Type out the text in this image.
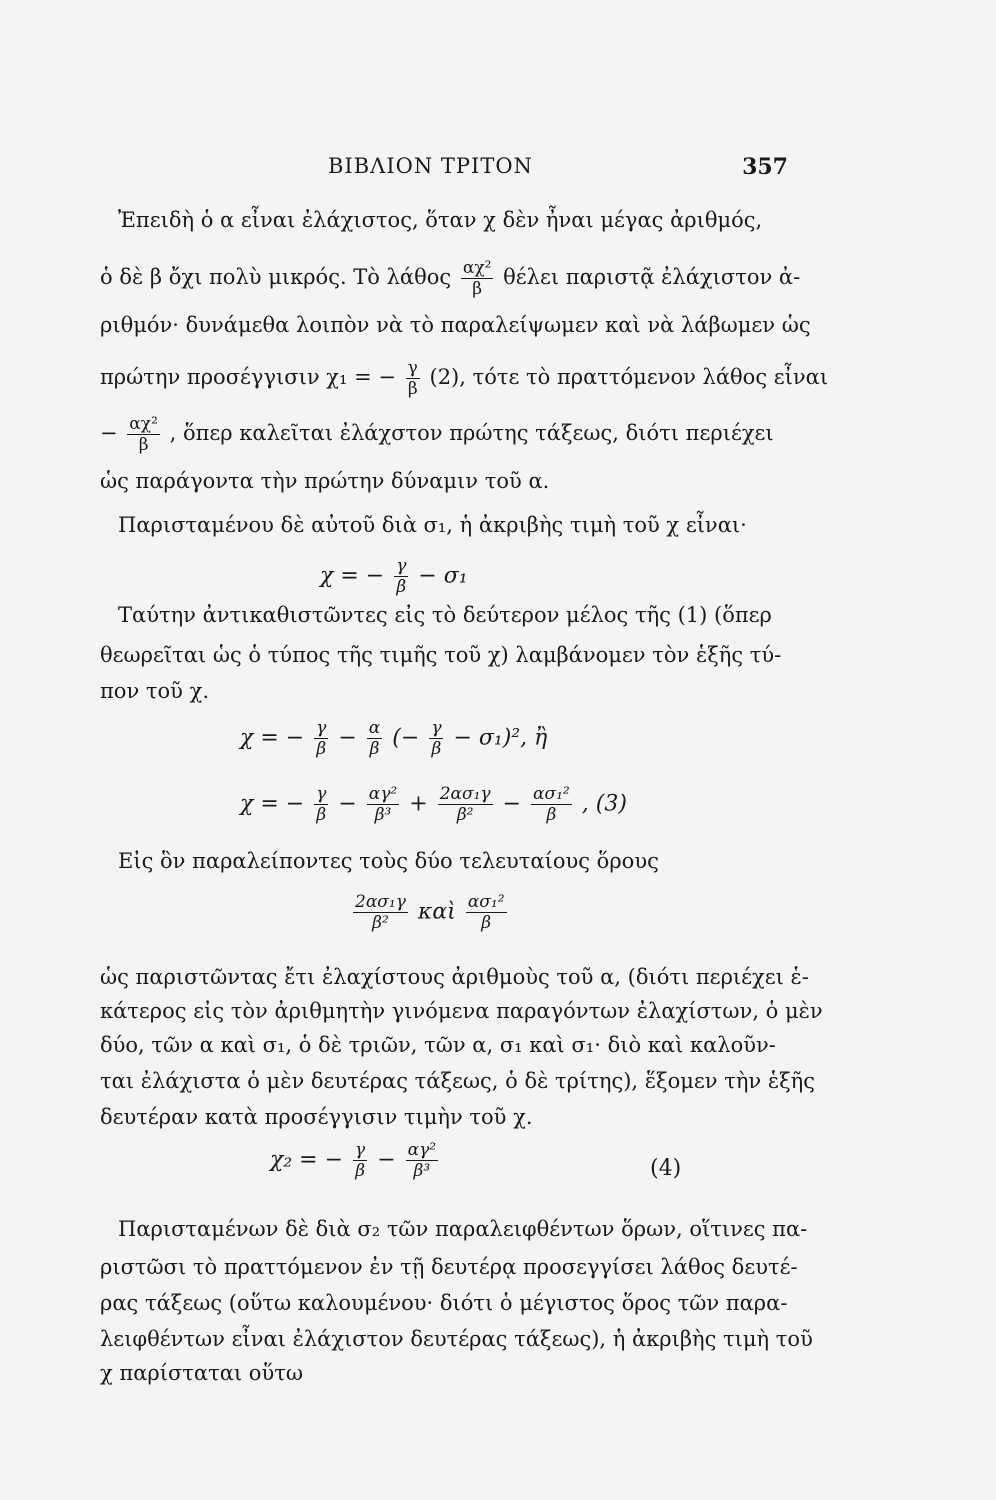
ΒΙΒΛΙΟΝ ΤΡΙΤΟΝ	357
Ἐπειδὴ ὁ α εἶναι ἐλάχιστος, ὅταν χ δὲν ἦναι μέγας ἀριθμός,
ὁ δὲ β ὄχι πολὺ μικρός. Τὸ λάθος $\frac{\text{αχ²}}{\beta}$ θέλει παριστᾷ ἐλάχιστον ἀ-
ριθμόν· δυνάμεθα λοιπὸν νὰ τὸ παραλείψωμεν καὶ νὰ λάβωμεν ὡς
πρώτην προσέγγισιν χ₁ = − $\frac{\gamma}{\beta} (2)$, τότε τὸ πραττόμενον λάθος εἶναι
− $\frac{\text{αχ²}}{\beta}$ , ὅπερ καλεῖται ἐλάχστον πρώτης τάξεως, διότι περιέχει
ὡς παράγοντα τὴν πρώτην δύναμιν τοῦ α.
Παρισταμένου δὲ αὐτοῦ διὰ σ₁, ἡ ἀκριβὴς τιμὴ τοῦ χ εἶναι·
χ = − $\frac{\gamma}{\beta} - \sigma_1$
Ταύτην ἀντικαθιστῶντες εἰς τὸ δεύτερον μέλος τῆς (1) (ὅπερ
θεωρεῖται ὡς ὁ τύπος τῆς τιμῆς τοῦ χ) λαμβάνομεν τὸν ἑξῆς τύ-
πον τοῦ χ.
χ = − $\frac{\gamma}{\beta} - \frac{\alpha}{\beta}$ (− $\frac{\gamma}{\beta} - \sigma_1)^2$, ἢ
χ = − $\frac{\gamma}{\beta} - \frac{\text{αγ²}}{\text{β³}} + \frac{\text{2ασ₁γ}}{\text{β²}} - \frac{\text{ασ₁²}}{\beta}$ , (3)
Εἰς ὃν παραλείποντες τοὺς δύο τελευταίους ὅρους
$\frac{\text{2ασ₁γ}}{\text{β²}}$ καὶ $\frac{\text{ασ₁²}}{\beta}$
ὡς παριστῶντας ἔτι ἐλαχίστους ἀριθμοὺς τοῦ α, (διότι περιέχει ἑ-
κάτερος εἰς τὸν ἀριθμητὴν γινόμενα παραγόντων ἐλαχίστων, ὁ μὲν
δύο, τῶν α καὶ σ₁, ὁ δὲ τριῶν, τῶν α, σ₁ καὶ σ₁· διὸ καὶ καλοῦν-
ται ἐλάχιστα ὁ μὲν δευτέρας τάξεως, ὁ δὲ τρίτης), ἕξομεν τὴν ἑξῆς
δευτέραν κατὰ προσέγγισιν τιμὴν τοῦ χ.
χ₂ = − $\frac{\gamma}{\beta} - \frac{\text{αγ²}}{\text{β³}}$	(4)
Παρισταμένων δὲ διὰ σ₂ τῶν παραλειφθέντων ὅρων, οἵτινες πα-
ριστῶσι τὸ πραττόμενον ἐν τῇ δευτέρᾳ προσεγγίσει λάθος δευτέ-
ρας τάξεως (οὕτω καλουμένου· διότι ὁ μέγιστος ὅρος τῶν παρα-
λειφθέντων εἶναι ἐλάχιστον δευτέρας τάξεως), ἡ ἀκριβὴς τιμὴ τοῦ
χ παρίσταται οὕτω
